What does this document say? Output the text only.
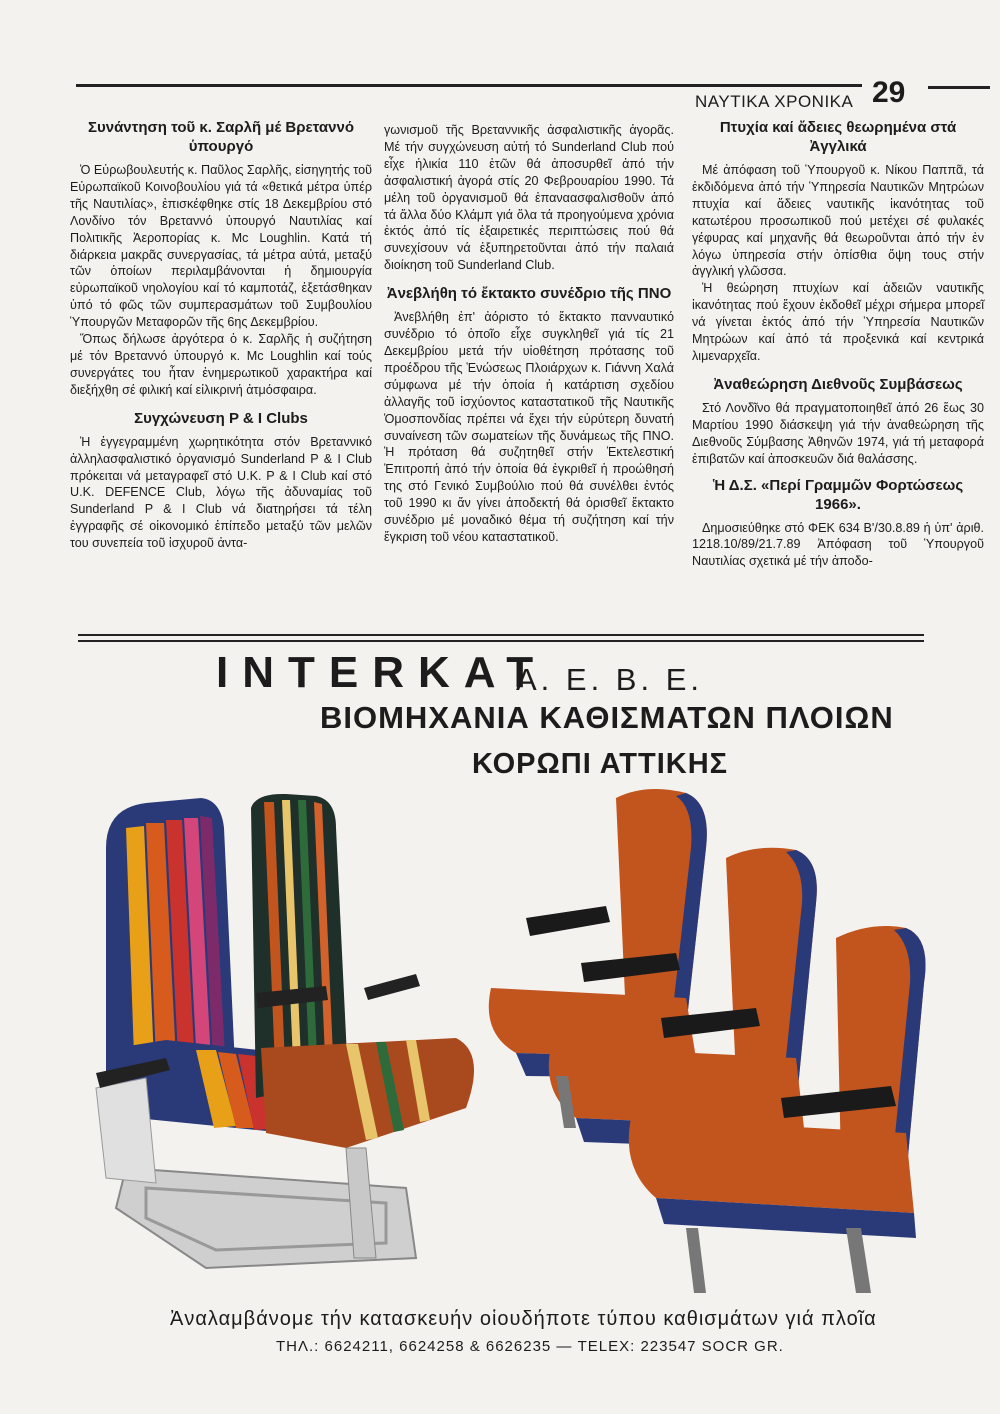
ΝΑΥΤΙΚΑ ΧΡΟΝΙΚΑ 29
Συνάντηση τοῦ κ. Σαρλῆ μέ Βρεταννό ὑπουργό

Ὁ Εὐρωβουλευτής κ. Παῦλος Σαρλῆς, εἰσηγητής τοῦ Εὐρωπαϊκοῦ Κοινοβουλίου γιά τά «θετικά μέτρα ὑπέρ τῆς Ναυτιλίας», ἐπισκέφθηκε στίς 18 Δεκεμβρίου στό Λονδίνο τόν Βρεταννό ὑπουργό Ναυτιλίας καί Πολιτικῆς Ἀεροπορίας κ. Mc Loughlin. Κατά τή διάρκεια μακρᾶς συνεργασίας, τά μέτρα αὐτά, μεταξύ τῶν ὁποίων περιλαμβάνονται ἡ δημιουργία εὐρωπαϊκοῦ νηολογίου καί τό καμποτάζ, ἐξετάσθηκαν ὑπό τό φῶς τῶν συμπερασμάτων τοῦ Συμβουλίου Ὑπουργῶν Μεταφορῶν τῆς 6ης Δεκεμβρίου.

Ὅπως δήλωσε ἀργότερα ὁ κ. Σαρλῆς ἡ συζήτηση μέ τόν Βρεταννό ὑπουργό κ. Mc Loughlin καί τούς συνεργάτες του ἦταν ἐνημερωτικοῦ χαρακτήρα καί διεξήχθη σέ φιλική καί εἰλικρινή ἀτμόσφαιρα.

Συγχώνευση P & I Clubs

Ἡ ἐγγεγραμμένη χωρητικότητα στόν Βρεταννικό ἀλληλασφαλιστικό ὀργανισμό Sunderland P & I Club πρόκειται νά μεταγραφεῖ στό U.K. P & I Club καί στό U.K. DEFENCE Club, λόγω τῆς ἀδυναμίας τοῦ Sunderland P & I Club νά διατηρήσει τά τέλη ἐγγραφῆς σέ οἰκονομικό ἐπίπεδο μεταξύ τῶν μελῶν του συνεπεία τοῦ ἰσχυροῦ ἀντα-

γωνισμοῦ τῆς Βρεταννικῆς ἀσφαλιστικῆς ἀγορᾶς. Μέ τήν συγχώνευση αὐτή τό Sunderland Club πού εἶχε ἡλικία 110 ἐτῶν θά ἀποσυρθεῖ ἀπό τήν ἀσφαλιστική ἀγορά στίς 20 Φεβρουαρίου 1990. Τά μέλη τοῦ ὀργανισμοῦ θά ἐπαναασφαλισθοῦν ἀπό τά ἄλλα δύο Κλάμπ γιά ὅλα τά προηγούμενα χρόνια ἐκτός ἀπό τίς ἐξαιρετικές περιπτώσεις πού θά συνεχίσουν νά ἐξυπηρετοῦνται ἀπό τήν παλαιά διοίκηση τοῦ Sunderland Club.

Ἀνεβλήθη τό ἔκτακτο συνέδριο τῆς ΠΝΟ

Ἀνεβλήθη ἐπ' ἀόριστο τό ἔκτακτο πανναυτικό συνέδριο τό ὁποῖο εἶχε συγκληθεῖ γιά τίς 21 Δεκεμβρίου μετά τήν υἱοθέτηση πρότασης τοῦ προέδρου τῆς Ἑνώσεως Πλοιάρχων κ. Γιάννη Χαλά σύμφωνα μέ τήν ὁποία ἡ κατάρτιση σχεδίου ἀλλαγῆς τοῦ ἰσχύοντος καταστατικοῦ τῆς Ναυτικῆς Ὁμοσπονδίας πρέπει νά ἔχει τήν εὐρύτερη δυνατή συναίνεση τῶν σωματείων τῆς δυνάμεως τῆς ΠΝΟ. Ἡ πρόταση θά συζητηθεῖ στήν Ἐκτελεστική Ἐπιτροπή ἀπό τήν ὁποία θά ἐγκριθεῖ ἡ προώθησή της στό Γενικό Συμβούλιο πού θά συνέλθει ἐντός τοῦ 1990 κι ἄν γίνει ἀποδεκτή θά ὁρισθεῖ ἔκτακτο συνέδριο μέ μοναδικό θέμα τή συζήτηση καί τήν ἔγκριση τοῦ νέου καταστατικοῦ.

Πτυχία καί ἄδειες θεωρημένα στά Ἀγγλικά

Μέ ἀπόφαση τοῦ Ὑπουργοῦ κ. Νίκου Παππᾶ, τά ἐκδιδόμενα ἀπό τήν Ὑπηρεσία Ναυτικῶν Μητρώων πτυχία καί ἄδειες ναυτικῆς ἱκανότητας τοῦ κατωτέρου προσωπικοῦ πού μετέχει σέ φυλακές γέφυρας καί μηχανῆς θά θεωροῦνται ἀπό τήν ἐν λόγω ὑπηρεσία στήν ὀπίσθια ὄψη τους στήν ἀγγλική γλῶσσα.

Ἡ θεώρηση πτυχίων καί ἀδειῶν ναυτικῆς ἱκανότητας πού ἔχουν ἐκδοθεῖ μέχρι σήμερα μπορεῖ νά γίνεται ἐκτός ἀπό τήν Ὑπηρεσία Ναυτικῶν Μητρώων καί ἀπό τά προξενικά καί κεντρικά λιμεναρχεῖα.

Ἀναθεώρηση Διεθνοῦς Συμβάσεως

Στό Λονδῖνο θά πραγματοποιηθεῖ ἀπό 26 ἕως 30 Μαρτίου 1990 διάσκεψη γιά τήν ἀναθεώρηση τῆς Διεθνοῦς Σύμβασης Ἀθηνῶν 1974, γιά τή μεταφορά ἐπιβατῶν καί ἀποσκευῶν διά θαλάσσης.

Ἡ Δ.Σ. «Περί Γραμμῶν Φορτώσεως 1966».

Δημοσιεύθηκε στό ΦΕΚ 634 Β'/30.8.89 ἡ ὑπ' ἀριθ. 1218.10/89/21.7.89 Ἀπόφαση τοῦ Ὑπουργοῦ Ναυτιλίας σχετικά μέ τήν ἀποδο-

INTERKAT
Α. Ε. Β. Ε.
ΒΙΟΜΗΧΑΝΙΑ ΚΑΘΙΣΜΑΤΩΝ ΠΛΟΙΩΝ
ΚΟΡΩΠΙ ΑΤΤΙΚΗΣ
Ἀναλαμβάνομε τήν κατασκευήν οἱουδήποτε τύπου καθισμάτων γιά πλοῖα
ΤΗΛ.: 6624211, 6624258 & 6626235 — TELEX: 223547 SOCR GR.
